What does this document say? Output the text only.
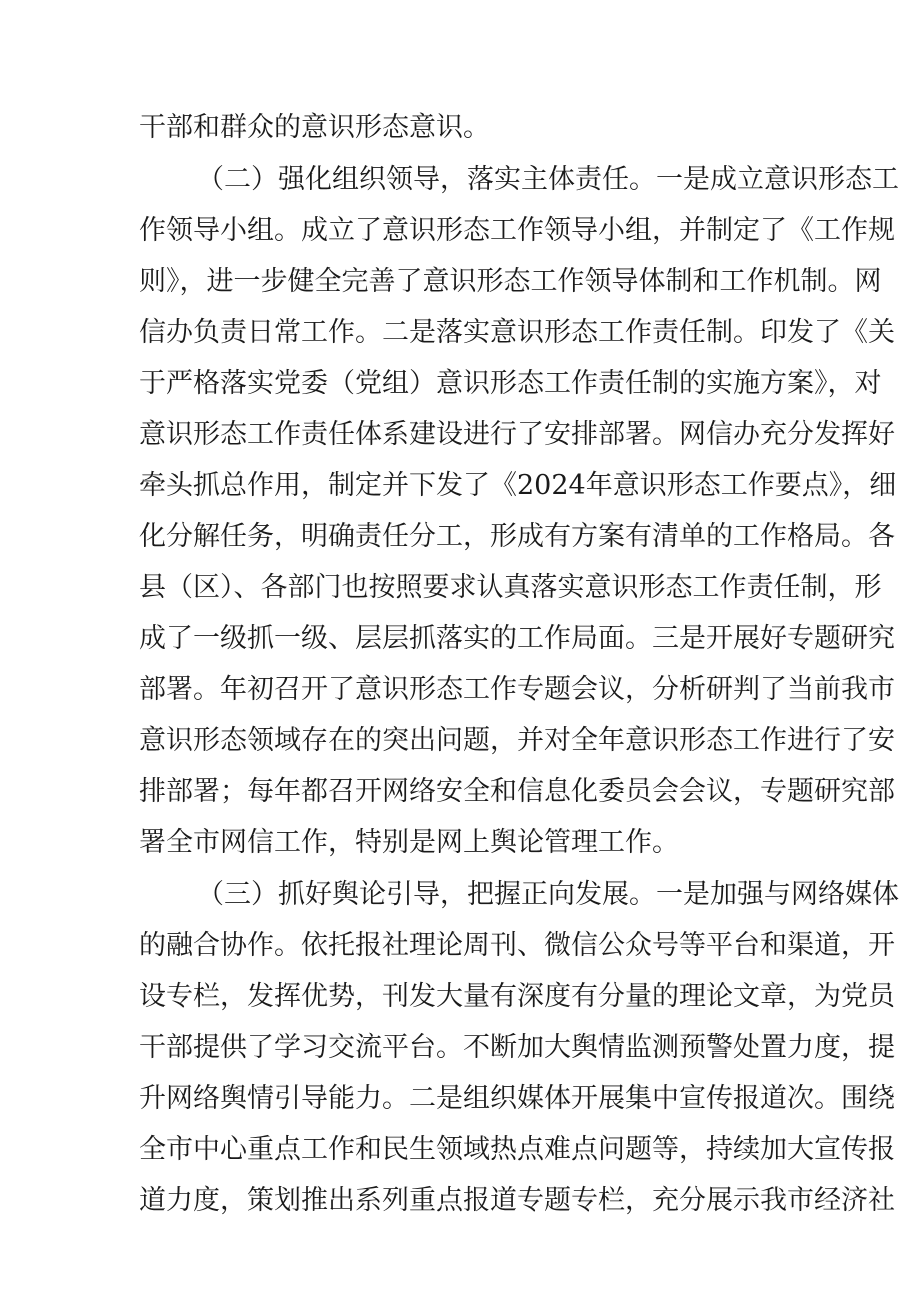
干部和群众的意识形态意识。
（二）强化组织领导，落实主体责任。一是成立意识形态工
作领导小组。成立了意识形态工作领导小组，并制定了《工作规
则》，进一步健全完善了意识形态工作领导体制和工作机制。网
信办负责日常工作。二是落实意识形态工作责任制。印发了《关
于严格落实党委（党组）意识形态工作责任制的实施方案》，对
意识形态工作责任体系建设进行了安排部署。网信办充分发挥好
牵头抓总作用，制定并下发了《2024年意识形态工作要点》，细
化分解任务，明确责任分工，形成有方案有清单的工作格局。各
县（区）、各部门也按照要求认真落实意识形态工作责任制，形
成了一级抓一级、层层抓落实的工作局面。三是开展好专题研究
部署。年初召开了意识形态工作专题会议，分析研判了当前我市
意识形态领域存在的突出问题，并对全年意识形态工作进行了安
排部署；每年都召开网络安全和信息化委员会会议，专题研究部
署全市网信工作，特别是网上舆论管理工作。
（三）抓好舆论引导，把握正向发展。一是加强与网络媒体
的融合协作。依托报社理论周刊、微信公众号等平台和渠道，开
设专栏，发挥优势，刊发大量有深度有分量的理论文章，为党员
干部提供了学习交流平台。不断加大舆情监测预警处置力度，提
升网络舆情引导能力。二是组织媒体开展集中宣传报道次。围绕
全市中心重点工作和民生领域热点难点问题等，持续加大宣传报
道力度，策划推出系列重点报道专题专栏，充分展示我市经济社
